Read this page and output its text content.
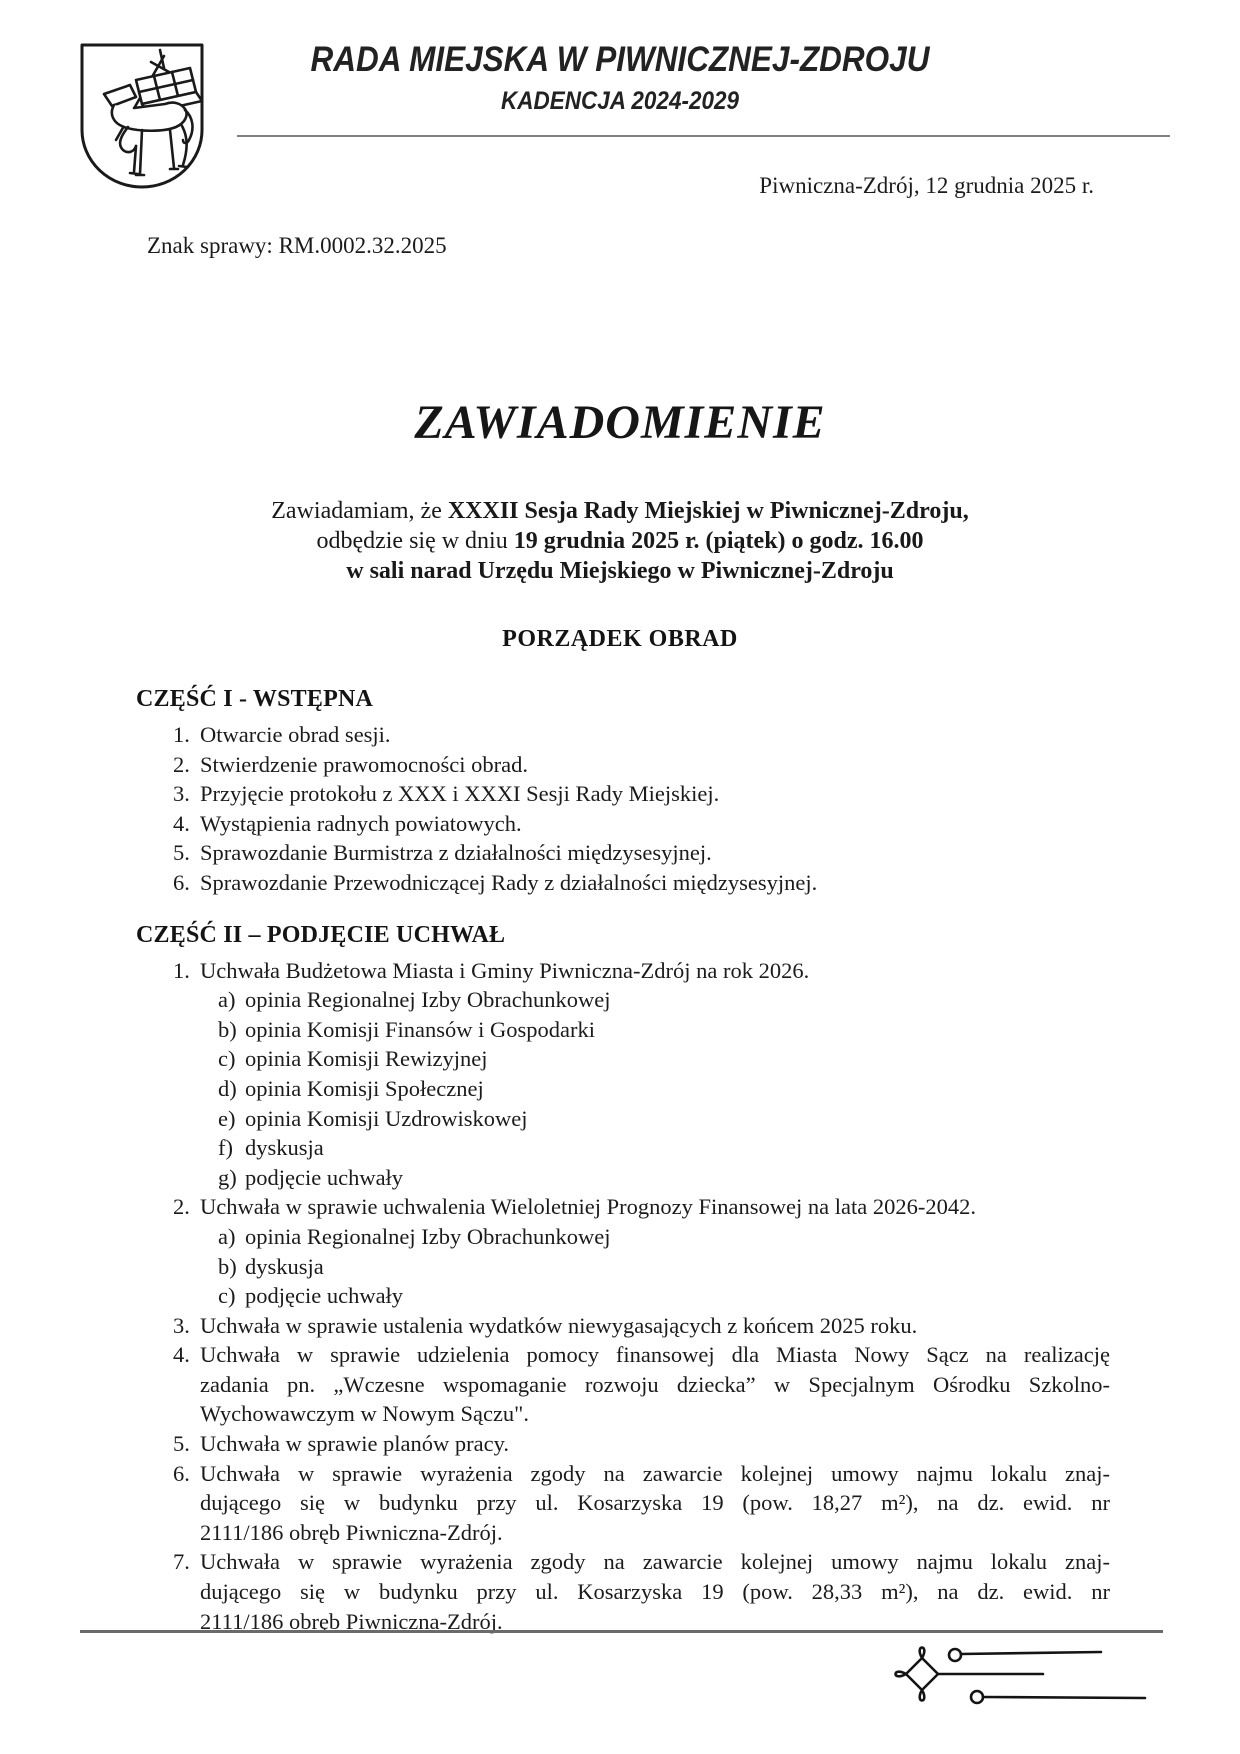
RADA MIEJSKA W PIWNICZNEJ-ZDROJU
KADENCJA 2024-2029
Piwniczna-Zdrój, 12 grudnia 2025 r.
Znak sprawy: RM.0002.32.2025
ZAWIADOMIENIE
Zawiadamiam, że XXXII Sesja Rady Miejskiej w Piwnicznej-Zdroju,
odbędzie się w dniu 19 grudnia 2025 r. (piątek) o godz. 16.00
w sali narad Urzędu Miejskiego w Piwnicznej-Zdroju
PORZĄDEK OBRAD
CZĘŚĆ I - WSTĘPNA
1. Otwarcie obrad sesji.
2. Stwierdzenie prawomocności obrad.
3. Przyjęcie protokołu z XXX i XXXI Sesji Rady Miejskiej.
4. Wystąpienia radnych powiatowych.
5. Sprawozdanie Burmistrza z działalności międzysesyjnej.
6. Sprawozdanie Przewodniczącej Rady z działalności międzysesyjnej.
CZĘŚĆ II – PODJĘCIE UCHWAŁ
1. Uchwała Budżetowa Miasta i Gminy Piwniczna-Zdrój na rok 2026.
a) opinia Regionalnej Izby Obrachunkowej
b) opinia Komisji Finansów i Gospodarki
c) opinia Komisji Rewizyjnej
d) opinia Komisji Społecznej
e) opinia Komisji Uzdrowiskowej
f) dyskusja
g) podjęcie uchwały
2. Uchwała w sprawie uchwalenia Wieloletniej Prognozy Finansowej na lata 2026-2042.
a) opinia Regionalnej Izby Obrachunkowej
b) dyskusja
c) podjęcie uchwały
3. Uchwała w sprawie ustalenia wydatków niewygasających z końcem 2025 roku.
4. Uchwała w sprawie udzielenia pomocy finansowej dla Miasta Nowy Sącz na realizację
zadania pn. „Wczesne wspomaganie rozwoju dziecka” w Specjalnym Ośrodku Szkolno-
Wychowawczym w Nowym Sączu".
5. Uchwała w sprawie planów pracy.
6. Uchwała w sprawie wyrażenia zgody na zawarcie kolejnej umowy najmu lokalu znaj-
dującego się w budynku przy ul. Kosarzyska 19 (pow. 18,27 m²), na dz. ewid. nr
2111/186 obręb Piwniczna-Zdrój.
7. Uchwała w sprawie wyrażenia zgody na zawarcie kolejnej umowy najmu lokalu znaj-
dującego się w budynku przy ul. Kosarzyska 19 (pow. 28,33 m²), na dz. ewid. nr
2111/186 obręb Piwniczna-Zdrój.
